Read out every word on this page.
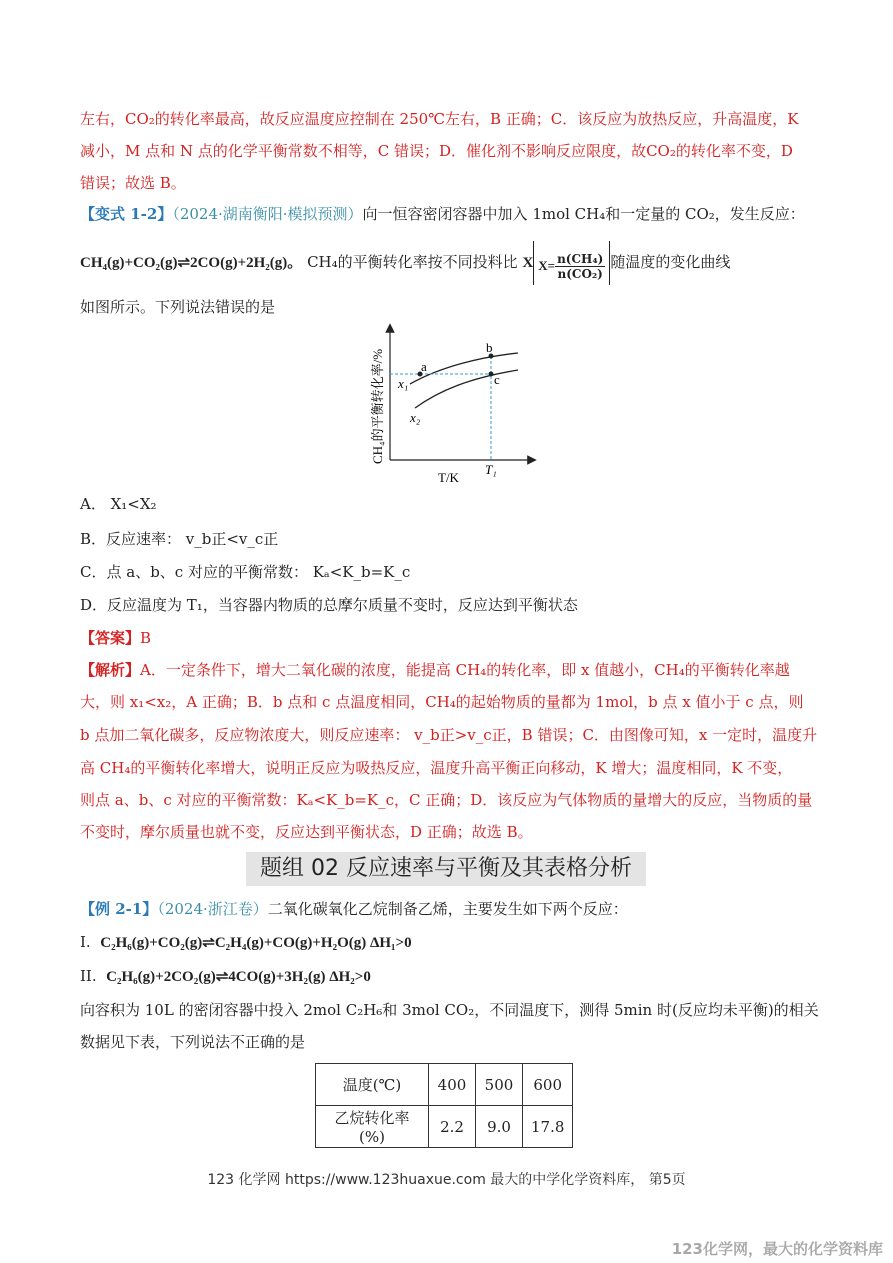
左右，CO₂的转化率最高，故反应温度应控制在 250℃左右，B 正确；C．该反应为放热反应，升高温度，K
减小，M 点和 N 点的化学平衡常数不相等，C 错误；D．催化剂不影响反应限度，故CO₂的转化率不变，D
错误；故选 B。
【变式 1-2】（2024·湖南衡阳·模拟预测）向一恒容密闭容器中加入 1mol CH₄和一定量的 CO₂，发生反应：
CH₄(g)+CO₂(g)⇌2CO(g)+2H₂(g)。 CH₄的平衡转化率按不同投料比 X $X= \frac{\text{n(CH₄)}}{\text{n(CO₂)}}$ 随温度的变化曲线
如图所示。下列说法错误的是
a
b
c
x₁
x₂
T/K
T₁
CH₄的平衡转化率/%
A． X₁<X₂
B．反应速率： v_b正<v_c正
C．点 a、b、c 对应的平衡常数： Kₐ<K_b=K_c
D．反应温度为 T₁，当容器内物质的总摩尔质量不变时，反应达到平衡状态
【答案】B
【解析】A．一定条件下，增大二氧化碳的浓度，能提高 CH₄的转化率，即 x 值越小，CH₄的平衡转化率越
大，则 x₁<x₂，A 正确；B．b 点和 c 点温度相同，CH₄的起始物质的量都为 1mol，b 点 x 值小于 c 点，则
b 点加二氧化碳多，反应物浓度大，则反应速率： v_b正>v_c正，B 错误；C．由图像可知，x 一定时，温度升
高 CH₄的平衡转化率增大，说明正反应为吸热反应，温度升高平衡正向移动，K 增大；温度相同，K 不变，
则点 a、b、c 对应的平衡常数：Kₐ<K_b=K_c，C 正确；D．该反应为气体物质的量增大的反应，当物质的量
不变时，摩尔质量也就不变，反应达到平衡状态，D 正确；故选 B。
题组 02 反应速率与平衡及其表格分析
【例 2-1】（2024·浙江卷）二氧化碳氧化乙烷制备乙烯，主要发生如下两个反应：
I. C₂H₆(g)+CO₂(g)⇌C₂H₄(g)+CO(g)+H₂O(g) ΔH₁>0
II. C₂H₆(g)+2CO₂(g)⇌4CO(g)+3H₂(g) ΔH₂>0
向容积为 10L 的密闭容器中投入 2mol C₂H₆和 3mol CO₂，不同温度下，测得 5min 时(反应均未平衡)的相关
数据见下表，下列说法不正确的是
温度(℃)	400	500	600
乙烷转化率(%)	2.2	9.0	17.8
123 化学网 https://www.123huaxue.com 最大的中学化学资料库， 第5页
123化学网，最大的化学资料库
